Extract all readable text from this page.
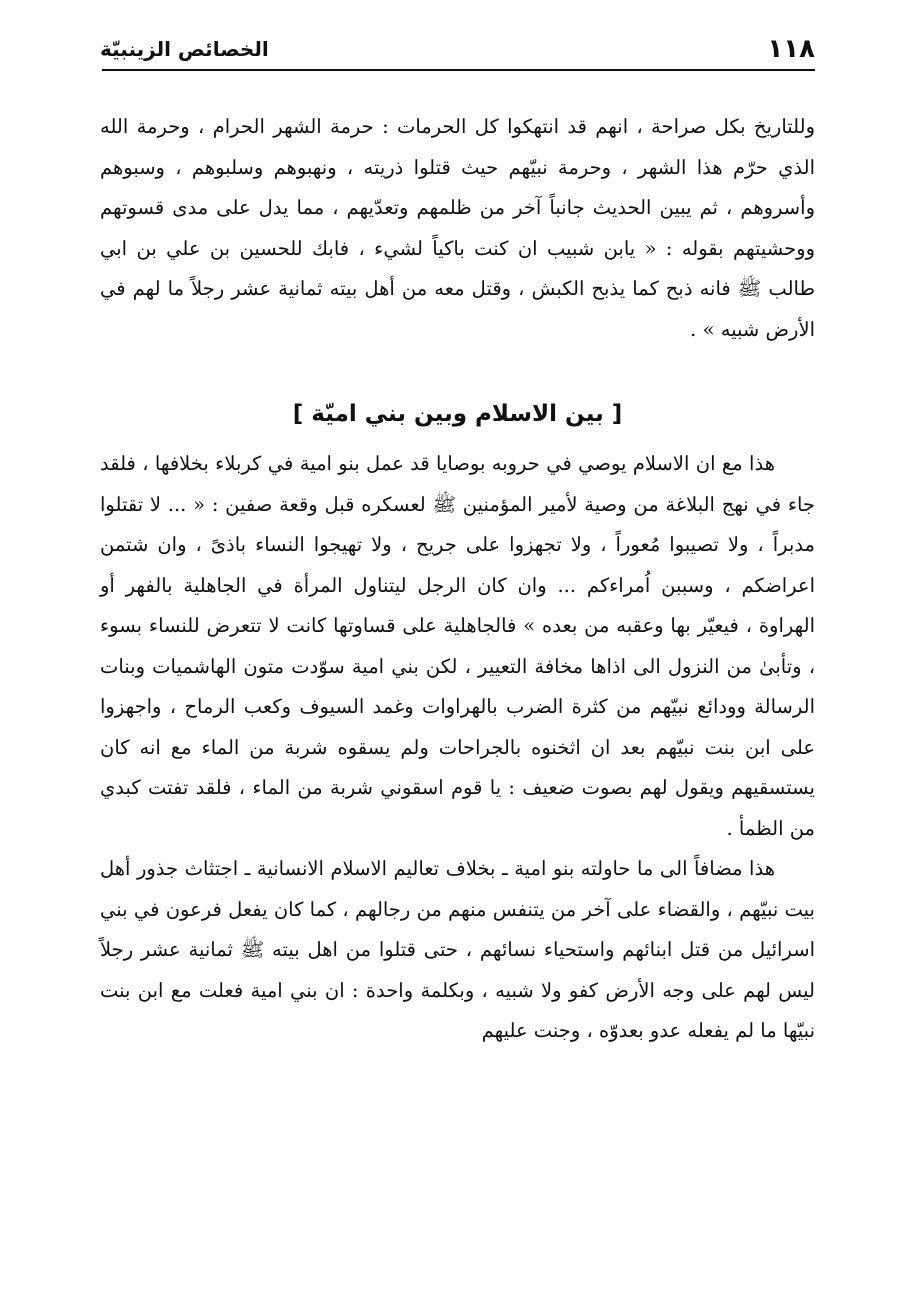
١١٨
الخصائص الزينبيّة

وللتاريخ بكل صراحة ، انهم قد انتهكوا كل الحرمات : حرمة الشهر الحرام ، وحرمة الله الذي حرّم هذا الشهر ، وحرمة نبيّهم حيث قتلوا ذريته ، ونهبوهم وسلبوهم ، وسبوهم وأسروهم ، ثم يبين الحديث جانباً آخر من ظلمهم وتعدّيهم ، مما يدل على مدى قسوتهم ووحشيتهم بقوله : « يابن شبيب ان كنت باكياً لشيء ، فابك للحسين بن علي بن ابي طالب ﷺ فانه ذبح كما يذبح الكبش ، وقتل معه من أهل بيته ثمانية عشر رجلاً ما لهم في الأرض شبيه » .

[ بين الاسلام وبين بني اميّة ]

هذا مع ان الاسلام يوصي في حروبه بوصايا قد عمل بنو امية في كربلاء بخلافها ، فلقد جاء في نهج البلاغة من وصية لأمير المؤمنين ﷺ لعسكره قبل وقعة صفين : « ... لا تقتلوا مدبراً ، ولا تصيبوا مُعوراً ، ولا تجهزوا على جريح ، ولا تهيجوا النساء باذىً ، وان شتمن اعراضكم ، وسببن اُمراءكم ... وان كان الرجل ليتناول المرأة في الجاهلية بالفهر أو الهراوة ، فيعيّر بها وعقبه من بعده » فالجاهلية على قساوتها كانت لا تتعرض للنساء بسوء ، وتأبىٰ من النزول الى اذاها مخافة التعيير ، لكن بني امية سوّدت متون الهاشميات وبنات الرسالة وودائع نبيّهم من كثرة الضرب بالهراوات وغمد السيوف وكعب الرماح ، واجهزوا على ابن بنت نبيّهم بعد ان اثخنوه بالجراحات ولم يسقوه شربة من الماء مع انه كان يستسقيهم ويقول لهم بصوت ضعيف : يا قوم اسقوني شربة من الماء ، فلقد تفتت كبدي من الظمأ .

هذا مضافاً الى ما حاولته بنو امية ـ بخلاف تعاليم الاسلام الانسانية ـ اجتثاث جذور أهل بيت نبيّهم ، والقضاء على آخر من يتنفس منهم من رجالهم ، كما كان يفعل فرعون في بني اسرائيل من قتل ابنائهم واستحياء نسائهم ، حتى قتلوا من اهل بيته ﷺ ثمانية عشر رجلاً ليس لهم على وجه الأرض كفو ولا شبيه ، وبكلمة واحدة : ان بني امية فعلت مع ابن بنت نبيّها ما لم يفعله عدو بعدوّه ، وجنت عليهم
